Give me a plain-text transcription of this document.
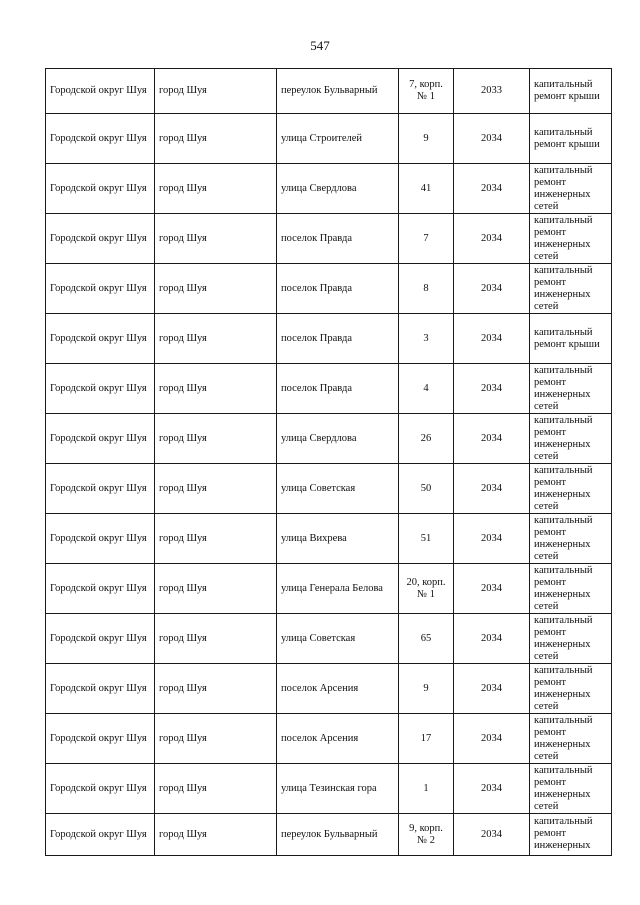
547
Городской округ Шуя	город Шуя	переулок Бульварный	7, корп. № 1	2033	капитальный ремонт крыши
Городской округ Шуя	город Шуя	улица Строителей	9	2034	капитальный ремонт крыши
Городской округ Шуя	город Шуя	улица Свердлова	41	2034	капитальный ремонт инженерных сетей
Городской округ Шуя	город Шуя	поселок Правда	7	2034	капитальный ремонт инженерных сетей
Городской округ Шуя	город Шуя	поселок Правда	8	2034	капитальный ремонт инженерных сетей
Городской округ Шуя	город Шуя	поселок Правда	3	2034	капитальный ремонт крыши
Городской округ Шуя	город Шуя	поселок Правда	4	2034	капитальный ремонт инженерных сетей
Городской округ Шуя	город Шуя	улица Свердлова	26	2034	капитальный ремонт инженерных сетей
Городской округ Шуя	город Шуя	улица Советская	50	2034	капитальный ремонт инженерных сетей
Городской округ Шуя	город Шуя	улица Вихрева	51	2034	капитальный ремонт инженерных сетей
Городской округ Шуя	город Шуя	улица Генерала Белова	20, корп. № 1	2034	капитальный ремонт инженерных сетей
Городской округ Шуя	город Шуя	улица Советская	65	2034	капитальный ремонт инженерных сетей
Городской округ Шуя	город Шуя	поселок Арсения	9	2034	капитальный ремонт инженерных сетей
Городской округ Шуя	город Шуя	поселок Арсения	17	2034	капитальный ремонт инженерных сетей
Городской округ Шуя	город Шуя	улица Тезинская гора	1	2034	капитальный ремонт инженерных сетей
Городской округ Шуя	город Шуя	переулок Бульварный	9, корп. № 2	2034	капитальный ремонт инженерных
